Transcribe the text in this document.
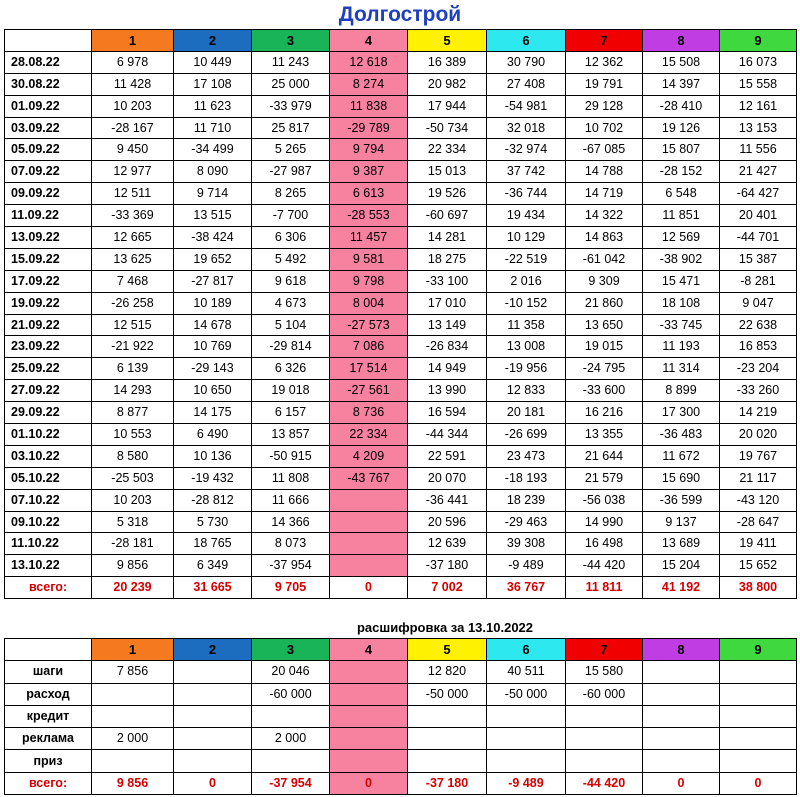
Долгострой
	1	2	3	4	5	6	7	8	9
28.08.22	6 978	10 449	11 243	12 618	16 389	30 790	12 362	15 508	16 073
30.08.22	11 428	17 108	25 000	8 274	20 982	27 408	19 791	14 397	15 558
01.09.22	10 203	11 623	-33 979	11 838	17 944	-54 981	29 128	-28 410	12 161
03.09.22	-28 167	11 710	25 817	-29 789	-50 734	32 018	10 702	19 126	13 153
05.09.22	9 450	-34 499	5 265	9 794	22 334	-32 974	-67 085	15 807	11 556
07.09.22	12 977	8 090	-27 987	9 387	15 013	37 742	14 788	-28 152	21 427
09.09.22	12 511	9 714	8 265	6 613	19 526	-36 744	14 719	6 548	-64 427
11.09.22	-33 369	13 515	-7 700	-28 553	-60 697	19 434	14 322	11 851	20 401
13.09.22	12 665	-38 424	6 306	11 457	14 281	10 129	14 863	12 569	-44 701
15.09.22	13 625	19 652	5 492	9 581	18 275	-22 519	-61 042	-38 902	15 387
17.09.22	7 468	-27 817	9 618	9 798	-33 100	2 016	9 309	15 471	-8 281
19.09.22	-26 258	10 189	4 673	8 004	17 010	-10 152	21 860	18 108	9 047
21.09.22	12 515	14 678	5 104	-27 573	13 149	11 358	13 650	-33 745	22 638
23.09.22	-21 922	10 769	-29 814	7 086	-26 834	13 008	19 015	11 193	16 853
25.09.22	6 139	-29 143	6 326	17 514	14 949	-19 956	-24 795	11 314	-23 204
27.09.22	14 293	10 650	19 018	-27 561	13 990	12 833	-33 600	8 899	-33 260
29.09.22	8 877	14 175	6 157	8 736	16 594	20 181	16 216	17 300	14 219
01.10.22	10 553	6 490	13 857	22 334	-44 344	-26 699	13 355	-36 483	20 020
03.10.22	8 580	10 136	-50 915	4 209	22 591	23 473	21 644	11 672	19 767
05.10.22	-25 503	-19 432	11 808	-43 767	20 070	-18 193	21 579	15 690	21 117
07.10.22	10 203	-28 812	11 666		-36 441	18 239	-56 038	-36 599	-43 120
09.10.22	5 318	5 730	14 366		20 596	-29 463	14 990	9 137	-28 647
11.10.22	-28 181	18 765	8 073		12 639	39 308	16 498	13 689	19 411
13.10.22	9 856	6 349	-37 954		-37 180	-9 489	-44 420	15 204	15 652
всего:	20 239	31 665	9 705	0	7 002	36 767	11 811	41 192	38 800
расшифровка за 13.10.2022
	1	2	3	4	5	6	7	8	9
шаги	7 856		20 046		12 820	40 511	15 580		
расход			-60 000		-50 000	-50 000	-60 000		
кредит									
реклама	2 000		2 000						
приз									
всего:	9 856	0	-37 954	0	-37 180	-9 489	-44 420	0	0
